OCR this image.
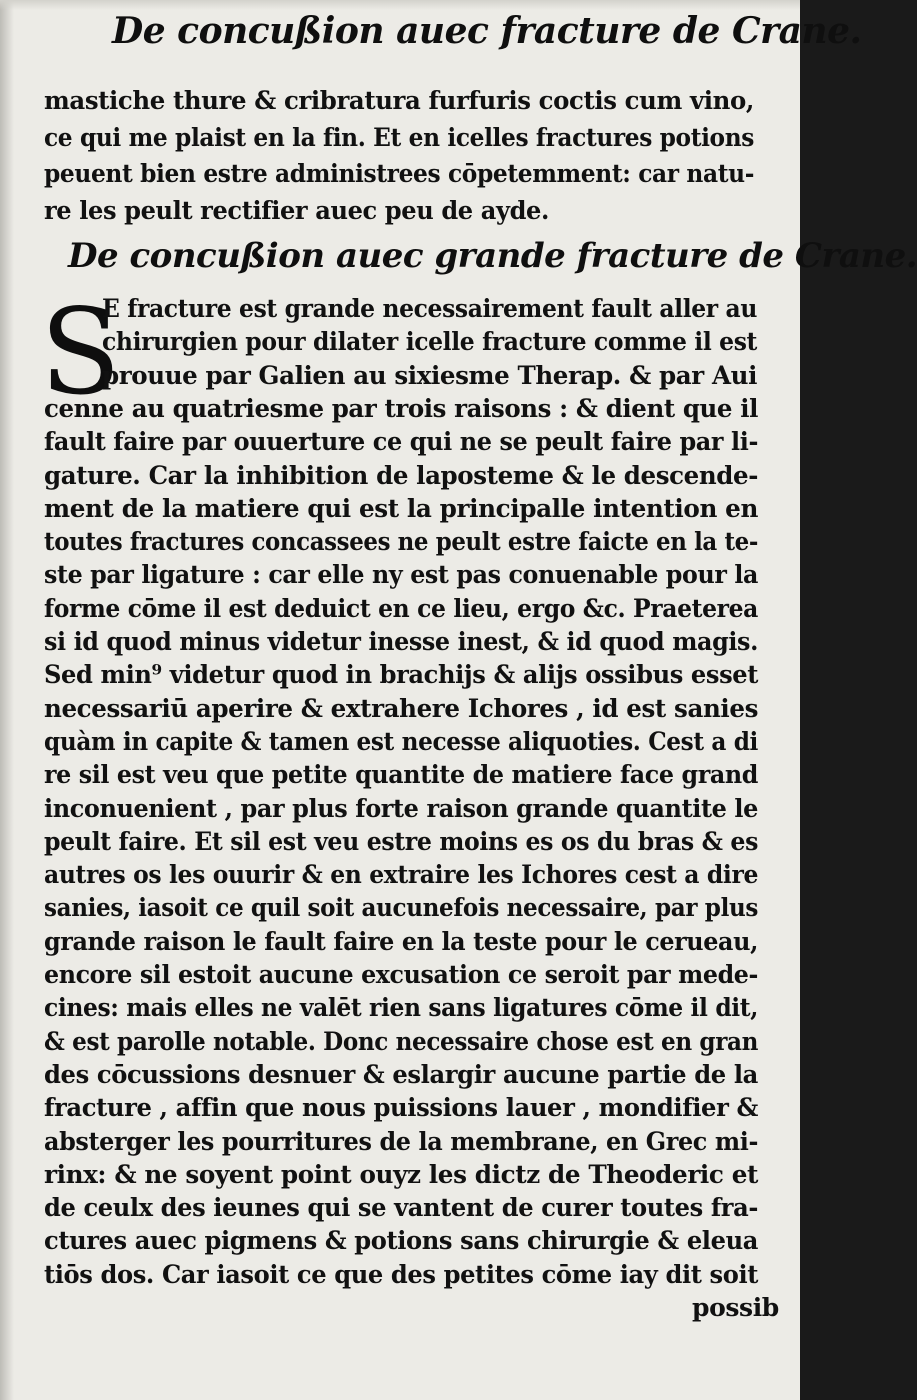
De concußion auec fracture de Crane.
mastiche thure & cribratura furfuris coctis cum vino,
ce qui me plaist en la fin. Et en icelles fractures potions
peuent bien estre administrees cōpetemment: car natu-
re les peult rectifier auec peu de ayde.
De concußion auec grande fracture de Crane.
S
E fracture est grande necessairement fault aller au
chirurgien pour dilater icelle fracture comme il est
prouue par Galien au sixiesme Therap. & par Aui
cenne au quatriesme par trois raisons : & dient que il
fault faire par ouuerture ce qui ne se peult faire par li-
gature. Car la inhibition de laposteme & le descende-
ment de la matiere qui est la principalle intention en
toutes fractures concassees ne peult estre faicte en la te-
ste par ligature : car elle ny est pas conuenable pour la
forme cōme il est deduict en ce lieu, ergo &c. Praeterea
si id quod minus videtur inesse inest, & id quod magis.
Sed min⁹ videtur quod in brachijs & alijs ossibus esset
necessariū aperire & extrahere Ichores , id est sanies
quàm in capite & tamen est necesse aliquoties. Cest a di
re sil est veu que petite quantite de matiere face grand
inconuenient , par plus forte raison grande quantite le
peult faire. Et sil est veu estre moins es os du bras & es
autres os les ouurir & en extraire les Ichores cest a dire
sanies, iasoit ce quil soit aucunefois necessaire, par plus
grande raison le fault faire en la teste pour le cerueau,
encore sil estoit aucune excusation ce seroit par mede-
cines: mais elles ne valēt rien sans ligatures cōme il dit,
& est parolle notable. Donc necessaire chose est en gran
des cōcussions desnuer & eslargir aucune partie de la
fracture , affin que nous puissions lauer , mondifier &
absterger les pourritures de la membrane, en Grec mi-
rinx: & ne soyent point ouyz les dictz de Theoderic et
de ceulx des ieunes qui se vantent de curer toutes fra-
ctures auec pigmens & potions sans chirurgie & eleua
tiōs dos. Car iasoit ce que des petites cōme iay dit soit
possib
